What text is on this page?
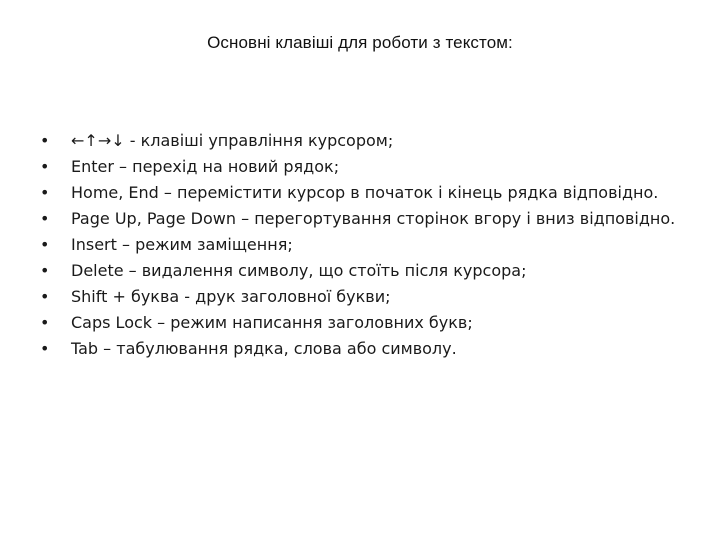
Основні клавіші для роботи з текстом:
•	←↑→↓ - клавіші управління курсором;
•	Enter – перехід на новий рядок;
•	Home, End – перемістити курсор в початок і кінець рядка відповідно.
•	Page Up, Page Down – перегортування сторінок вгору і вниз відповідно.
•	Insert – режим заміщення;
•	Delete – видалення символу, що стоїть після курсора;
•	Shift + буква - друк заголовної букви;
•	Caps Lock – режим написання заголовних букв;
•	Tab – табулювання рядка, слова або символу.
